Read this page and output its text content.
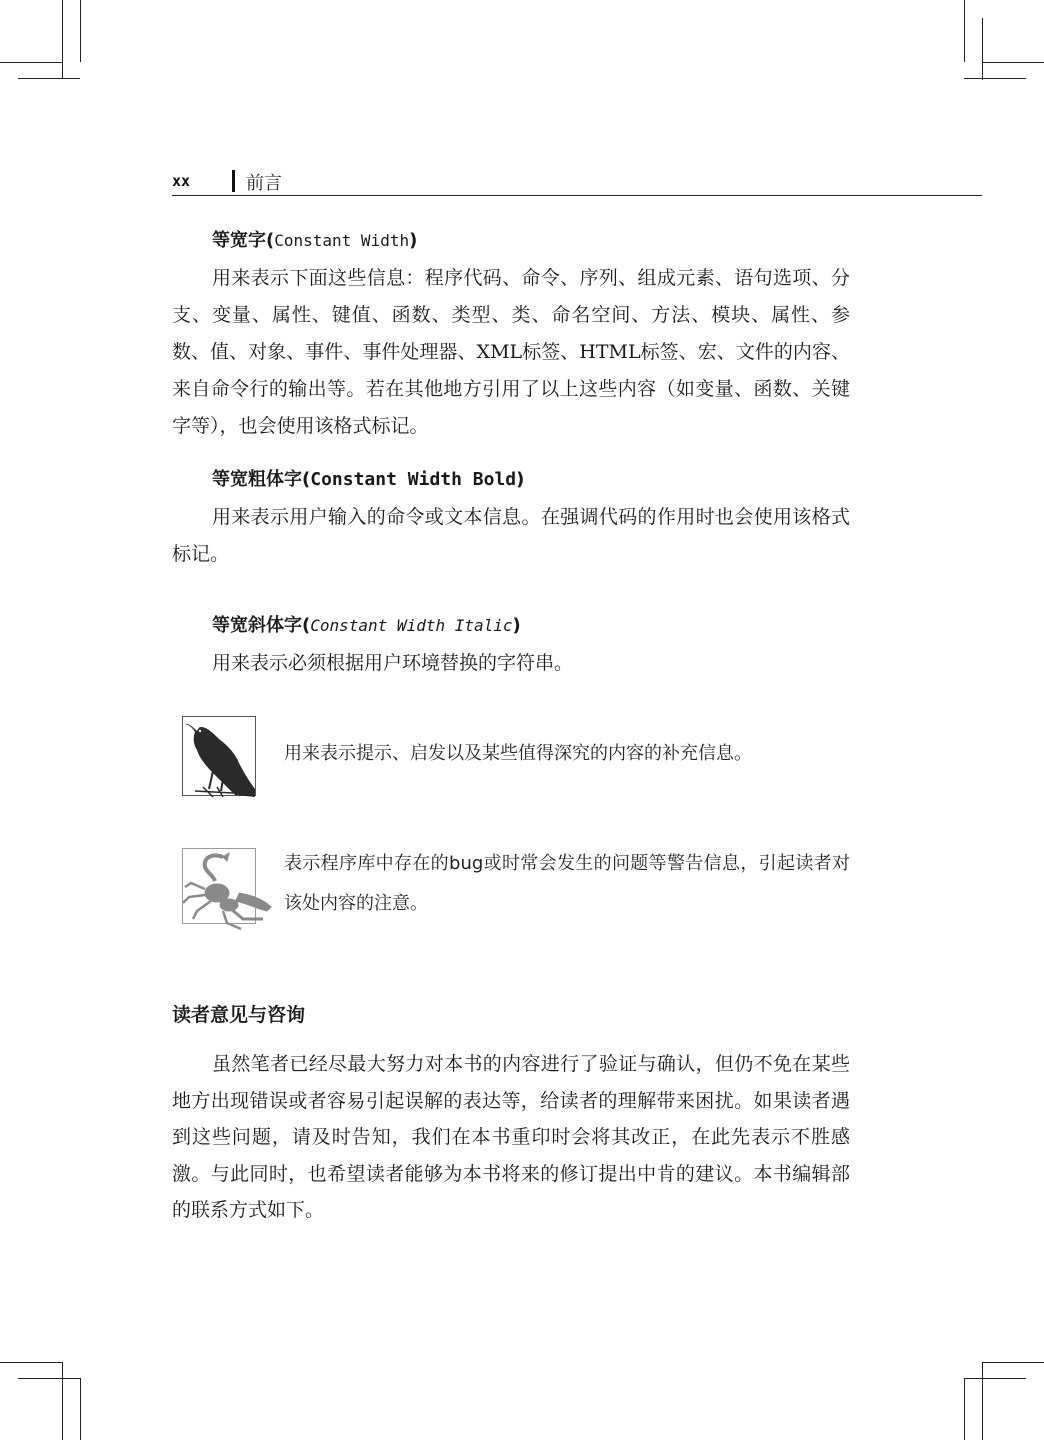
xx	前言
等宽字(Constant Width)

用来表示下面这些信息：程序代码、命令、序列、组成元素、语句选项、分支、变量、属性、键值、函数、类型、类、命名空间、方法、模块、属性、参数、值、对象、事件、事件处理器、XML标签、HTML标签、宏、文件的内容、来自命令行的输出等。若在其他地方引用了以上这些内容（如变量、函数、关键字等），也会使用该格式标记。

等宽粗体字(Constant Width Bold)

用来表示用户输入的命令或文本信息。在强调代码的作用时也会使用该格式标记。

等宽斜体字(Constant Width Italic)

用来表示必须根据用户环境替换的字符串。

用来表示提示、启发以及某些值得深究的内容的补充信息。
表示程序库中存在的bug或时常会发生的问题等警告信息，引起读者对该处内容的注意。
读者意见与咨询

虽然笔者已经尽最大努力对本书的内容进行了验证与确认，但仍不免在某些地方出现错误或者容易引起误解的表达等，给读者的理解带来困扰。如果读者遇到这些问题，请及时告知，我们在本书重印时会将其改正，在此先表示不胜感激。与此同时，也希望读者能够为本书将来的修订提出中肯的建议。本书编辑部的联系方式如下。
